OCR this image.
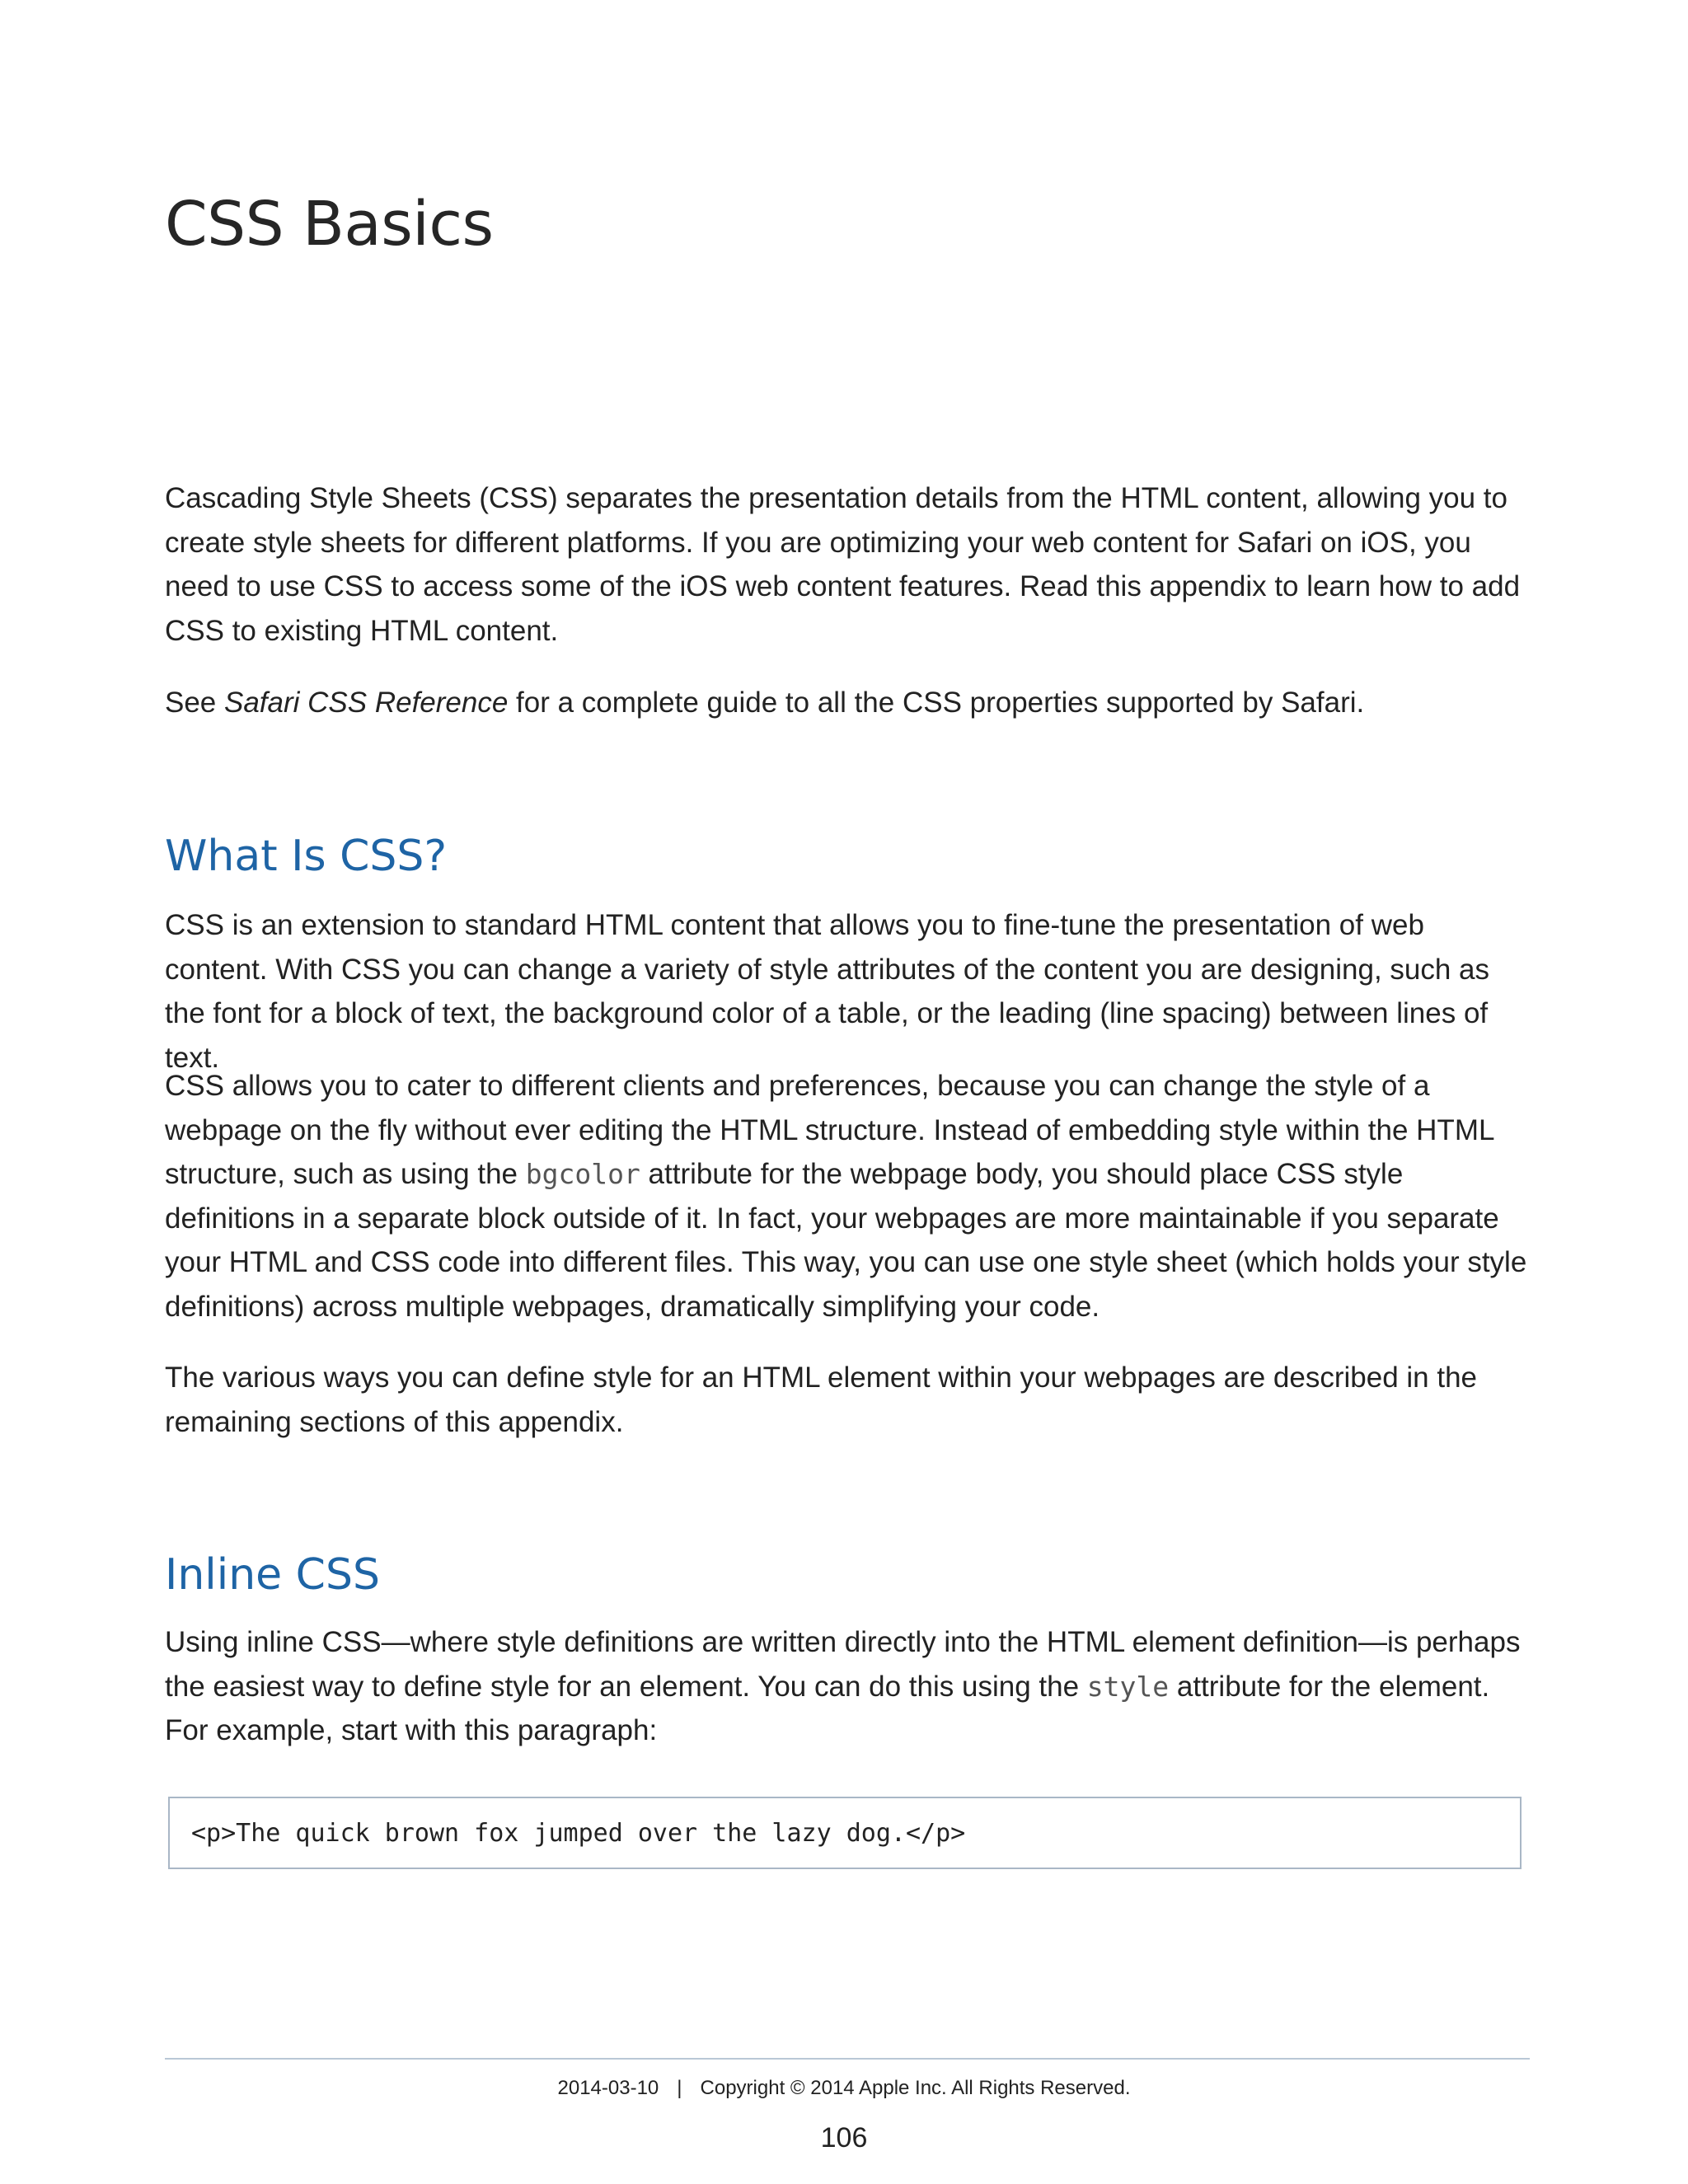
CSS Basics

Cascading Style Sheets (CSS) separates the presentation details from the HTML content, allowing you to create style sheets for different platforms. If you are optimizing your web content for Safari on iOS, you need to use CSS to access some of the iOS web content features. Read this appendix to learn how to add CSS to existing HTML content.

See Safari CSS Reference for a complete guide to all the CSS properties supported by Safari.

What Is CSS?

CSS is an extension to standard HTML content that allows you to fine-tune the presentation of web content. With CSS you can change a variety of style attributes of the content you are designing, such as the font for a block of text, the background color of a table, or the leading (line spacing) between lines of text.

CSS allows you to cater to different clients and preferences, because you can change the style of a webpage on the fly without ever editing the HTML structure. Instead of embedding style within the HTML structure, such as using the bgcolor attribute for the webpage body, you should place CSS style definitions in a separate block outside of it. In fact, your webpages are more maintainable if you separate your HTML and CSS code into different files. This way, you can use one style sheet (which holds your style definitions) across multiple webpages, dramatically simplifying your code.

The various ways you can define style for an HTML element within your webpages are described in the remaining sections of this appendix.

Inline CSS

Using inline CSS—where style definitions are written directly into the HTML element definition—is perhaps the easiest way to define style for an element. You can do this using the style attribute for the element. For example, start with this paragraph:

<p>The quick brown fox jumped over the lazy dog.</p>
2014-03-10 | Copyright © 2014 Apple Inc. All Rights Reserved.
106
